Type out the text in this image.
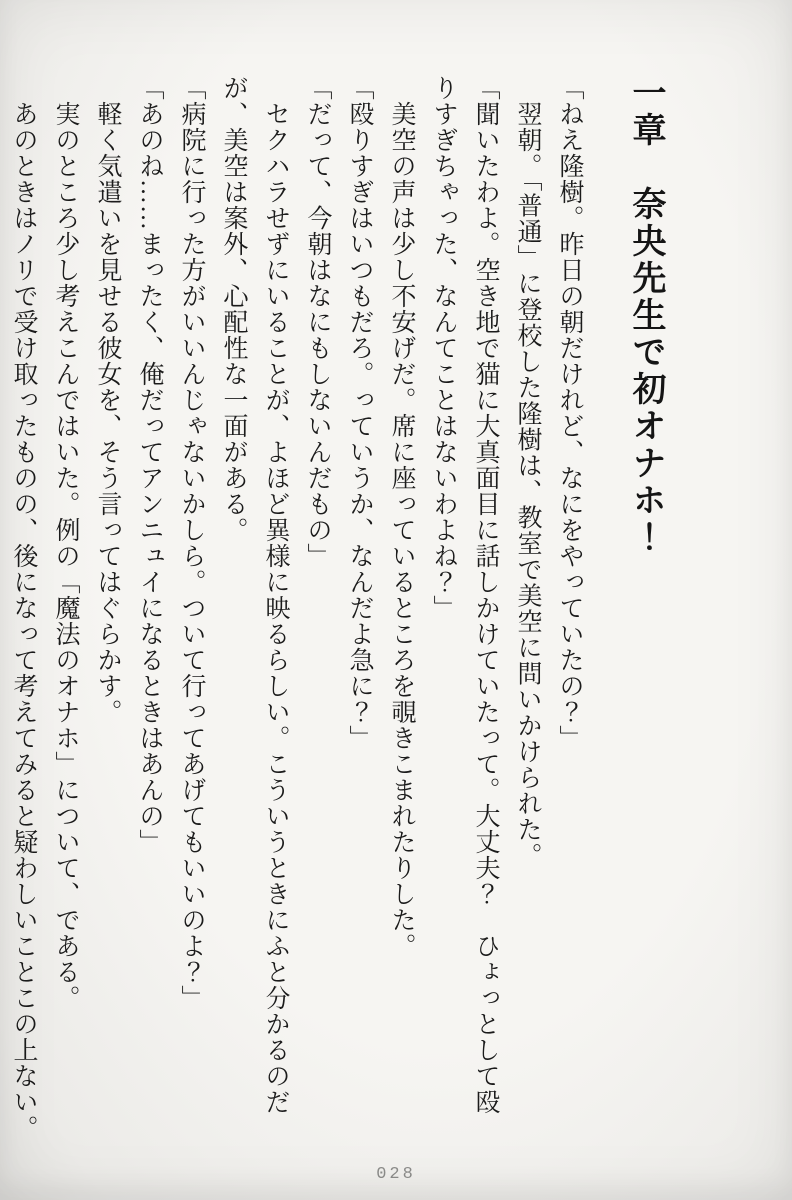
一章　奈央先生で初オナホ！
「ねえ隆樹。昨日の朝だけれど、なにをやっていたの？」
翌朝。「普通」に登校した隆樹は、教室で美空に問いかけられた。
「聞いたわよ。空き地で猫に大真面目に話しかけていたって。大丈夫？　ひょっとして殴
りすぎちゃった、なんてことはないわよね？」
美空の声は少し不安げだ。席に座っているところを覗きこまれたりした。
「殴りすぎはいつもだろ。っていうか、なんだよ急に？」
「だって、今朝はなにもしないんだもの」
セクハラせずにいることが、よほど異様に映るらしい。こういうときにふと分かるのだ
が、美空は案外、心配性な一面がある。
「病院に行った方がいいんじゃないかしら。ついて行ってあげてもいいのよ？」
「あのね……まったく、俺だってアンニュイになるときはあんの」
軽く気遣いを見せる彼女を、そう言ってはぐらかす。
実のところ少し考えこんではいた。例の「魔法のオナホ」について、である。
あのときはノリで受け取ったものの、後になって考えてみると疑わしいことこの上ない。
028
